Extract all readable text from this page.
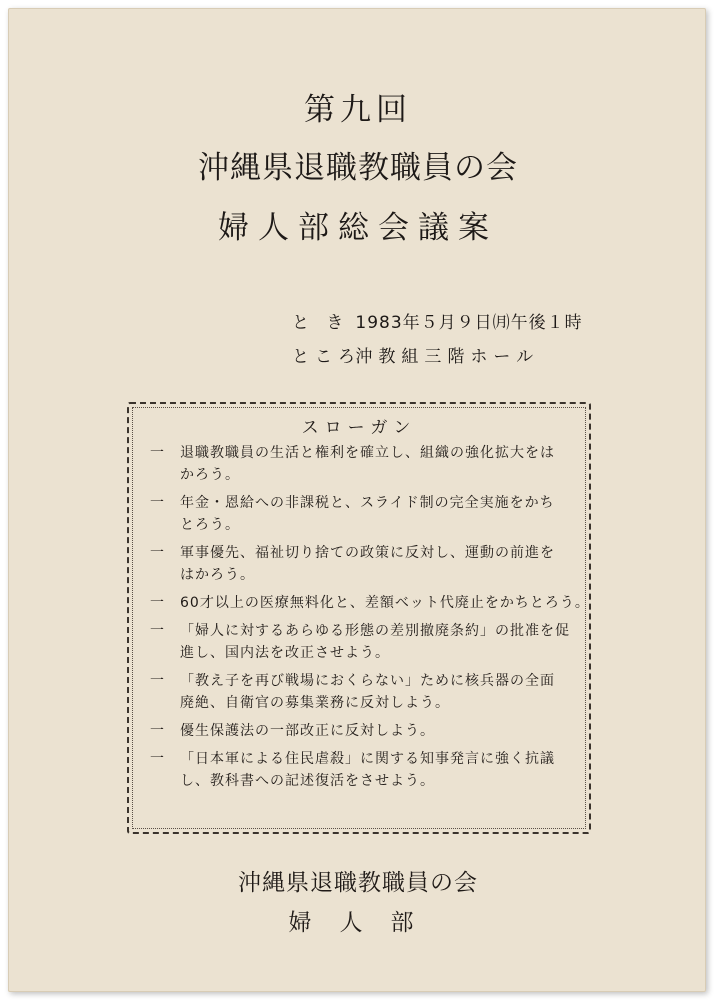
第九回
沖縄県退職教職員の会
婦人部総会議案
と き 1983年５月９日㈪午後１時
ところ 沖教組三階ホール
スローガン
一 退職教職員の生活と権利を確立し、組織の強化拡大をは
かろう。
一 年金・恩給への非課税と、スライド制の完全実施をかち
とろう。
一 軍事優先、福祉切り捨ての政策に反対し、運動の前進を
はかろう。
一 60才以上の医療無料化と、差額ベット代廃止をかちとろう。
一 「婦人に対するあらゆる形態の差別撤廃条約」の批准を促
進し、国内法を改正させよう。
一 「教え子を再び戦場におくらない」ために核兵器の全面
廃絶、自衛官の募集業務に反対しよう。
一 優生保護法の一部改正に反対しよう。
一 「日本軍による住民虐殺」に関する知事発言に強く抗議
し、教科書への記述復活をさせよう。
沖縄県退職教職員の会
婦人部
